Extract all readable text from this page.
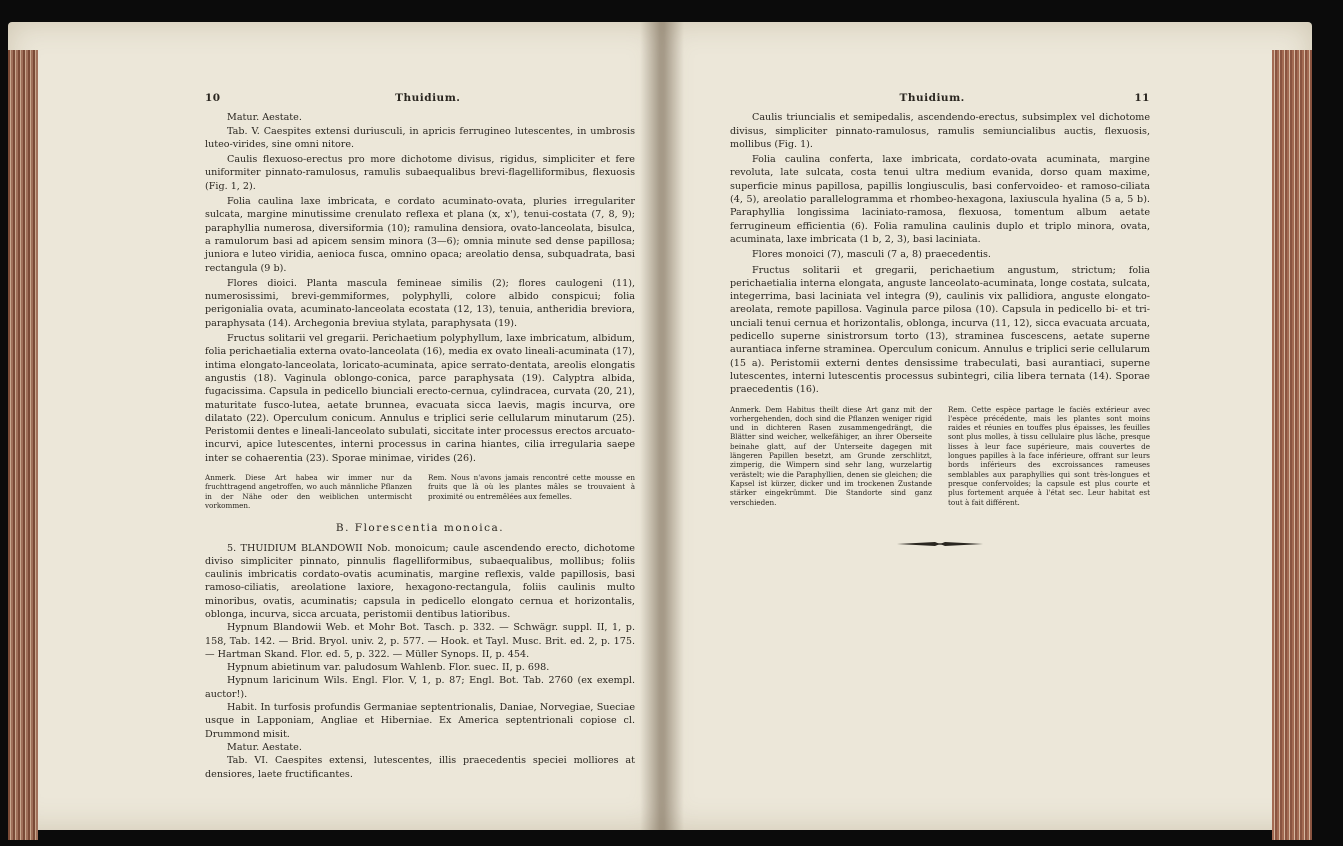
10	Thuidium.

Matur. Aestate.

Tab. V. Caespites extensi duriusculi, in apricis ferrugineo lutescentes, in umbrosis luteo-virides, sine omni nitore.

Caulis flexuoso-erectus pro more dichotome divisus, rigidus, simpliciter et fere uniformiter pinnato-ramulosus, ramulis subaequalibus brevi-flagelliformibus, flexuosis (Fig. 1, 2).

Folia caulina laxe imbricata, e cordato acuminato-ovata, pluries irregulariter sulcata, margine minutissime crenulato reflexa et plana (x, x'), tenui-costata (7, 8, 9); paraphyllia numerosa, diversiformia (10); ramulina densiora, ovato-lanceolata, bisulca, a ramulorum basi ad apicem sensim minora (3—6); omnia minute sed dense papillosa; juniora e luteo viridia, aenioca fusca, omnino opaca; areolatio densa, subquadrata, basi rectangula (9 b).

Flores dioici. Planta mascula femineae similis (2); flores caulogeni (11), numerosissimi, brevi-gemmiformes, polyphylli, colore albido conspicui; folia perigonialia ovata, acuminato-lanceolata ecostata (12, 13), tenuia, antheridia breviora, paraphysata (14). Archegonia breviua stylata, paraphysata (19).

Fructus solitarii vel gregarii. Perichaetium polyphyllum, laxe imbricatum, albidum, folia perichaetialia externa ovato-lanceolata (16), media ex ovato lineali-acuminata (17), intima elongato-lanceolata, loricato-acuminata, apice serrato-dentata, areolis elongatis angustis (18). Vaginula oblongo-conica, parce paraphysata (19). Calyptra albida, fugacissima. Capsula in pedicello biunciali erecto-cernua, cylindracea, curvata (20, 21), maturitate fusco-lutea, aetate brunnea, evacuata sicca laevis, magis incurva, ore dilatato (22). Operculum conicum. Annulus e triplici serie cellularum minutarum (25). Peristomii dentes e lineali-lanceolato subulati, siccitate inter processus erectos arcuato-incurvi, apice lutescentes, interni processus in carina hiantes, cilia irregularia saepe inter se cohaerentia (23). Sporae minimae, virides (26).

Anmerk. Diese Art habea wir immer nur da fruchttragend angetroffen, wo auch männliche Pflanzen in der Nähe oder den weiblichen untermischt vorkommen.
Rem. Nous n'avons jamais rencontré cette mousse en fruits que là où les plantes mâles se trouvaient à proximité ou entremêlées aux femelles.
B. Florescentia monoica.

5. THUIDIUM BLANDOWII Nob. monoicum; caule ascendendo erecto, dichotome diviso simpliciter pinnato, pinnulis flagelliformibus, subaequalibus, mollibus; foliis caulinis imbricatis cordato-ovatis acuminatis, margine reflexis, valde papillosis, basi ramoso-ciliatis, areolatione laxiore, hexagono-rectangula, foliis caulinis multo minoribus, ovatis, acuminatis; capsula in pedicello elongato cernua et horizontalis, oblonga, incurva, sicca arcuata, peristomii dentibus latioribus.

Hypnum Blandowii Web. et Mohr Bot. Tasch. p. 332. — Schwägr. suppl. II, 1, p. 158, Tab. 142. — Brid. Bryol. univ. 2, p. 577. — Hook. et Tayl. Musc. Brit. ed. 2, p. 175. — Hartman Skand. Flor. ed. 5, p. 322. — Müller Synops. II, p. 454.

Hypnum abietinum var. paludosum Wahlenb. Flor. suec. II, p. 698.

Hypnum laricinum Wils. Engl. Flor. V, 1, p. 87; Engl. Bot. Tab. 2760 (ex exempl. auctor!).

Habit. In turfosis profundis Germaniae septentrionalis, Daniae, Norvegiae, Sueciae usque in Lapponiam, Angliae et Hiberniae. Ex America septentrionali copiose cl. Drummond misit.

Matur. Aestate.

Tab. VI. Caespites extensi, lutescentes, illis praecedentis speciei molliores at densiores, laete fructificantes.

Thuidium.	11

Caulis triuncialis et semipedalis, ascendendo-erectus, subsimplex vel dichotome divisus, simpliciter pinnato-ramulosus, ramulis semiuncialibus auctis, flexuosis, mollibus (Fig. 1).

Folia caulina conferta, laxe imbricata, cordato-ovata acuminata, margine revoluta, late sulcata, costa tenui ultra medium evanida, dorso quam maxime, superficie minus papillosa, papillis longiusculis, basi confervoideo- et ramoso-ciliata (4, 5), areolatio parallelogramma et rhombeo-hexagona, laxiuscula hyalina (5 a, 5 b). Paraphyllia longissima laciniato-ramosa, flexuosa, tomentum album aetate ferrugineum efficientia (6). Folia ramulina caulinis duplo et triplo minora, ovata, acuminata, laxe imbricata (1 b, 2, 3), basi laciniata.

Flores monoici (7), masculi (7 a, 8) praecedentis.

Fructus solitarii et gregarii, perichaetium angustum, strictum; folia perichaetialia interna elongata, anguste lanceolato-acuminata, longe costata, sulcata, integerrima, basi laciniata vel integra (9), caulinis vix pallidiora, anguste elongato-areolata, remote papillosa. Vaginula parce pilosa (10). Capsula in pedicello bi- et tri-unciali tenui cernua et horizontalis, oblonga, incurva (11, 12), sicca evacuata arcuata, pedicello superne sinistrorsum torto (13), straminea fuscescens, aetate superne aurantiaca inferne straminea. Operculum conicum. Annulus e triplici serie cellularum (15 a). Peristomii externi dentes densissime trabeculati, basi aurantiaci, superne lutescentes, interni lutescentis processus subintegri, cilia libera ternata (14). Sporae praecedentis (16).

Anmerk. Dem Habitus theilt diese Art ganz mit der vorhergehenden, doch sind die Pflanzen weniger rigid und in dichteren Rasen zusammengedrängt, die Blätter sind weicher, welkefähiger, an ihrer Oberseite beinahe glatt, auf der Unterseite dagegen mit längeren Papillen besetzt, am Grunde zerschlitzt, zimperig, die Wimpern sind sehr lang, wurzelartig verästelt; wie die Paraphyllien, denen sie gleichen; die Kapsel ist kürzer, dicker und im trockenen Zustande stärker eingekrümmt. Die Standorte sind ganz verschieden.
Rem. Cette espèce partage le faciès extérieur avec l'espèce précédente, mais les plantes sont moins raides et réunies en touffes plus épaisses, les feuilles sont plus molles, à tissu cellulaire plus lâche, presque lisses à leur face supérieure, mais couvertes de longues papilles à la face inférieure, offrant sur leurs bords inférieurs des excroissances rameuses semblables aux paraphyllies qui sont très-longues et presque confervoïdes; la capsule est plus courte et plus fortement arquée à l'état sec. Leur habitat est tout à fait différent.
